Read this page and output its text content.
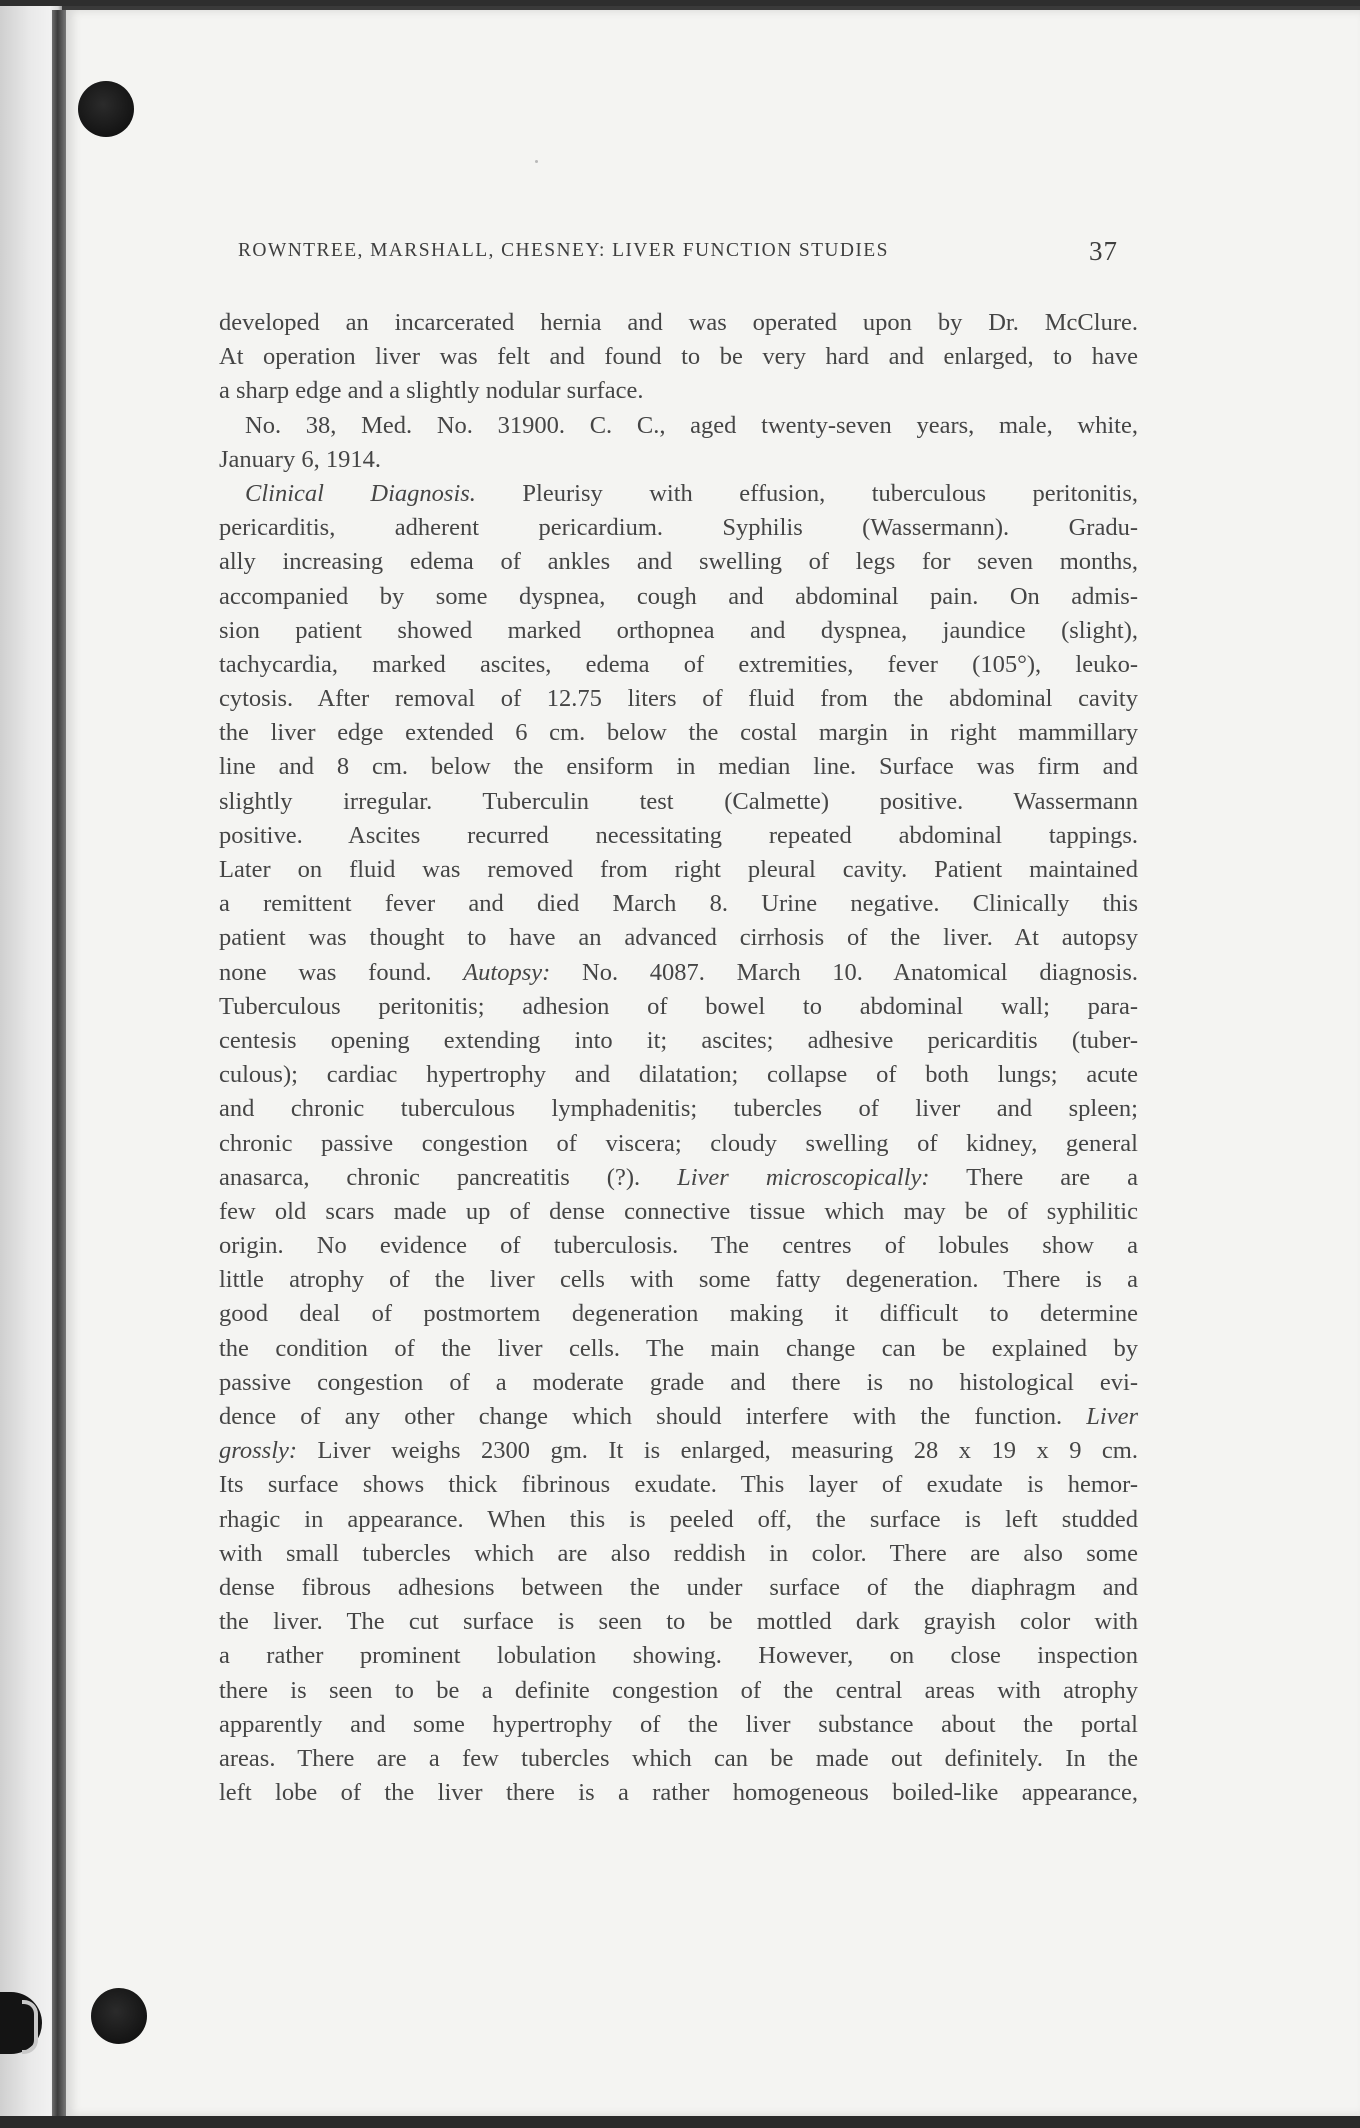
ROWNTREE, MARSHALL, CHESNEY: LIVER FUNCTION STUDIES	37
developed an incarcerated hernia and was operated upon by Dr. McClure.
At operation liver was felt and found to be very hard and enlarged, to have
a sharp edge and a slightly nodular surface.
No. 38, Med. No. 31900. C. C., aged twenty-seven years, male, white,
January 6, 1914.
Clinical Diagnosis. Pleurisy with effusion, tuberculous peritonitis,
pericarditis, adherent pericardium. Syphilis (Wassermann). Gradu-
ally increasing edema of ankles and swelling of legs for seven months,
accompanied by some dyspnea, cough and abdominal pain. On admis-
sion patient showed marked orthopnea and dyspnea, jaundice (slight),
tachycardia, marked ascites, edema of extremities, fever (105°), leuko-
cytosis. After removal of 12.75 liters of fluid from the abdominal cavity
the liver edge extended 6 cm. below the costal margin in right mammillary
line and 8 cm. below the ensiform in median line. Surface was firm and
slightly irregular. Tuberculin test (Calmette) positive. Wassermann
positive. Ascites recurred necessitating repeated abdominal tappings.
Later on fluid was removed from right pleural cavity. Patient maintained
a remittent fever and died March 8. Urine negative. Clinically this
patient was thought to have an advanced cirrhosis of the liver. At autopsy
none was found. Autopsy: No. 4087. March 10. Anatomical diagnosis.
Tuberculous peritonitis; adhesion of bowel to abdominal wall; para-
centesis opening extending into it; ascites; adhesive pericarditis (tuber-
culous); cardiac hypertrophy and dilatation; collapse of both lungs; acute
and chronic tuberculous lymphadenitis; tubercles of liver and spleen;
chronic passive congestion of viscera; cloudy swelling of kidney, general
anasarca, chronic pancreatitis (?). Liver microscopically: There are a
few old scars made up of dense connective tissue which may be of syphilitic
origin. No evidence of tuberculosis. The centres of lobules show a
little atrophy of the liver cells with some fatty degeneration. There is a
good deal of postmortem degeneration making it difficult to determine
the condition of the liver cells. The main change can be explained by
passive congestion of a moderate grade and there is no histological evi-
dence of any other change which should interfere with the function. Liver
grossly: Liver weighs 2300 gm. It is enlarged, measuring 28 x 19 x 9 cm.
Its surface shows thick fibrinous exudate. This layer of exudate is hemor-
rhagic in appearance. When this is peeled off, the surface is left studded
with small tubercles which are also reddish in color. There are also some
dense fibrous adhesions between the under surface of the diaphragm and
the liver. The cut surface is seen to be mottled dark grayish color with
a rather prominent lobulation showing. However, on close inspection
there is seen to be a definite congestion of the central areas with atrophy
apparently and some hypertrophy of the liver substance about the portal
areas. There are a few tubercles which can be made out definitely. In the
left lobe of the liver there is a rather homogeneous boiled-like appearance,
